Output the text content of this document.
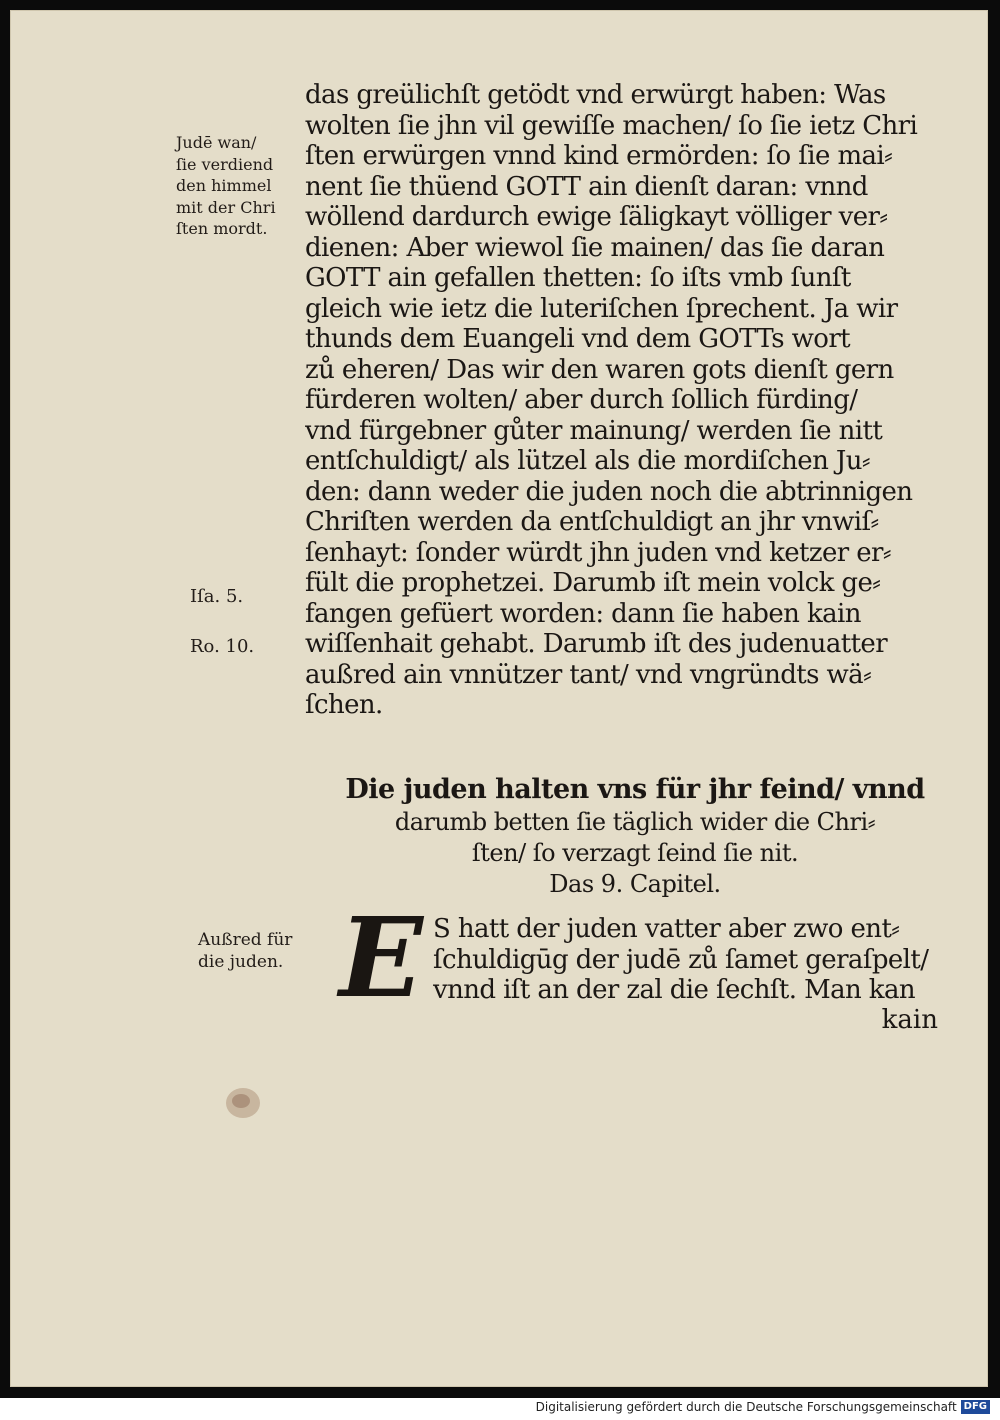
Judē wan/
ſie verdiend
den himmel
mit der Chri
ſten mordt.
Iſa. 5.
Ro. 10.
Außred für
die juden.
das greülichſt getödt vnd erwürgt haben: Was
wolten ſie jhn vil gewiſſe machen/ ſo ſie ietz Chri
ſten erwürgen vnnd kind ermörden: ſo ſie mai⸗
nent ſie thüend GOTT ain dienſt daran: vnnd
wöllend dardurch ewige ſäligkayt völliger ver⸗
dienen: Aber wiewol ſie mainen/ das ſie daran
GOTT ain gefallen thetten: ſo iſts vmb ſunſt
gleich wie ietz die luteriſchen ſprechent. Ja wir
thunds dem Euangeli vnd dem GOTTs wort
zů eheren/ Das wir den waren gots dienſt gern
fürderen wolten/ aber durch ſollich fürding/
vnd fürgebner gůter mainung/ werden ſie nitt
entſchuldigt/ als lützel als die mordiſchen Ju⸗
den: dann weder die juden noch die abtrinnigen
Chriſten werden da entſchuldigt an jhr vnwiſ⸗
ſenhayt: ſonder würdt jhn juden vnd ketzer er⸗
fült die prophetzei. Darumb iſt mein volck ge⸗
fangen gefüert worden: dann ſie haben kain
wiſſenhait gehabt. Darumb iſt des judenuatter
außred ain vnnützer tant/ vnd vngründts wä⸗
ſchen.
Die juden halten vns für jhr feind/ vnnd
darumb betten ſie täglich wider die Chri⸗
ſten/ ſo verzagt ſeind ſie nit.
Das 9. Capitel.
E S hatt der juden vatter aber zwo ent⸗
ſchuldigūg der judē zů ſamet geraſpelt/
vnnd iſt an der zal die ſechſt. Man kan
kain
Digitalisierung gefördert durch die Deutsche Forschungsgemeinschaft DFG
